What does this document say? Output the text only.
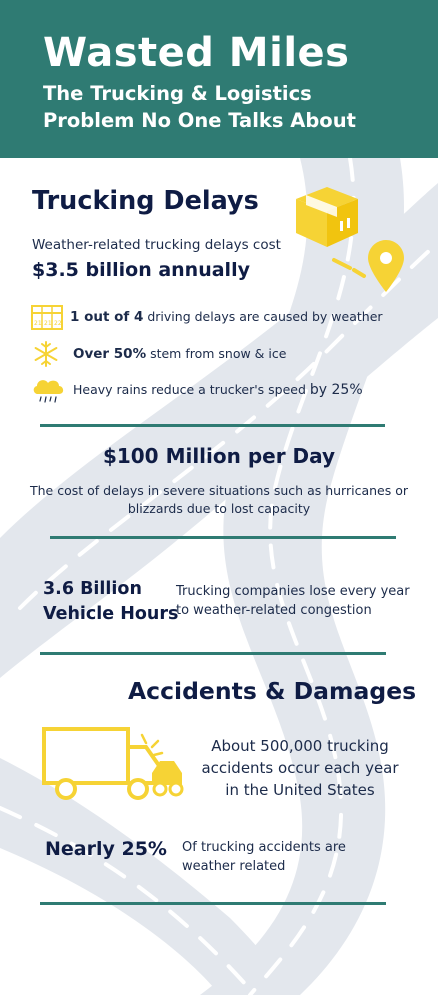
Wasted Miles
The Trucking & Logistics
Problem No One Talks About
Trucking Delays
Weather-related trucking delays cost
$3.5 billion annually
21 21 22 1 out of 4 driving delays are caused by weather
Over 50% stem from snow & ice
Heavy rains reduce a trucker's speed by 25%
$100 Million per Day
The cost of delays in severe situations such as hurricanes or
blizzards due to lost capacity
3.6 Billion
Vehicle Hours
Trucking companies lose every year
to weather-related congestion
Accidents & Damages
About 500,000 trucking
accidents occur each year
in the United States
Nearly 25% Of trucking accidents are
weather related
